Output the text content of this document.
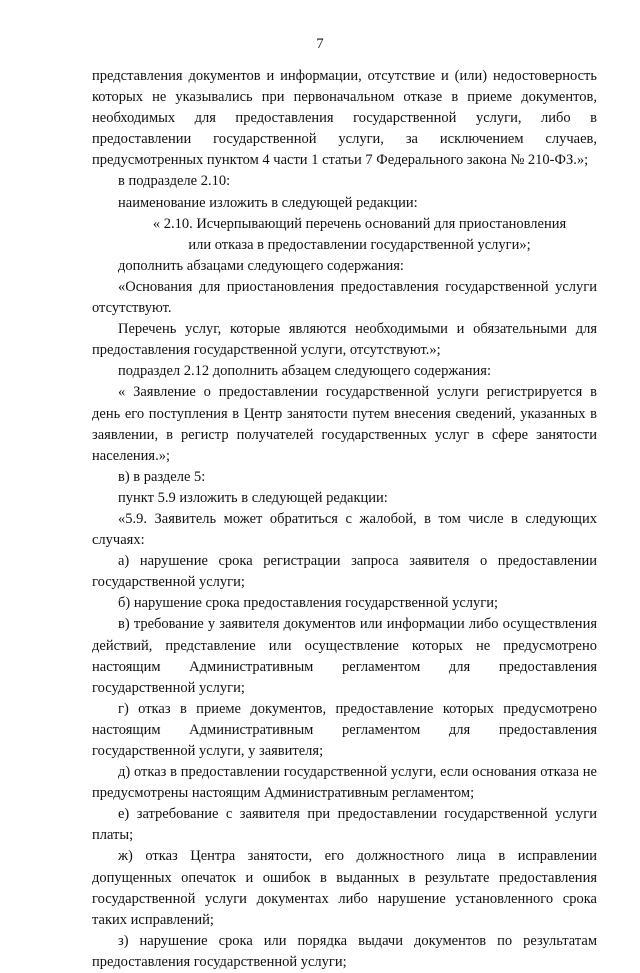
7

представления документов и информации, отсутствие и (или) недостоверность которых не указывались при первоначальном отказе в приеме документов, необходимых для предоставления государственной услуги, либо в предоставлении государственной услуги, за исключением случаев, предусмотренных пунктом 4 части 1 статьи 7 Федерального закона № 210-ФЗ.»;

в подразделе 2.10:

наименование изложить в следующей редакции:

« 2.10. Исчерпывающий перечень оснований для приостановления или отказа в предоставлении государственной услуги»;

дополнить абзацами следующего содержания:

«Основания для приостановления предоставления государственной услуги отсутствуют.

Перечень услуг, которые являются необходимыми и обязательными для предоставления государственной услуги, отсутствуют.»;

подраздел 2.12 дополнить абзацем следующего содержания:

« Заявление о предоставлении государственной услуги регистрируется в день его поступления в Центр занятости путем внесения сведений, указанных в заявлении, в регистр получателей государственных услуг в сфере занятости населения.»;

в) в разделе 5:

пункт 5.9 изложить в следующей редакции:

«5.9. Заявитель может обратиться с жалобой, в том числе в следующих случаях:

а) нарушение срока регистрации запроса заявителя о предоставлении государственной услуги;

б) нарушение срока предоставления государственной услуги;

в) требование у заявителя документов или информации либо осуществления действий, представление или осуществление которых не предусмотрено настоящим Административным регламентом для предоставления государственной услуги;

г) отказ в приеме документов, предоставление которых предусмотрено настоящим Административным регламентом для предоставления государственной услуги, у заявителя;

д) отказ в предоставлении государственной услуги, если основания отказа не предусмотрены настоящим Административным регламентом;

е) затребование с заявителя при предоставлении государственной услуги платы;

ж) отказ Центра занятости, его должностного лица в исправлении допущенных опечаток и ошибок в выданных в результате предоставления государственной услуги документах либо нарушение установленного срока таких исправлений;

з) нарушение срока или порядка выдачи документов по результатам предоставления государственной услуги;
